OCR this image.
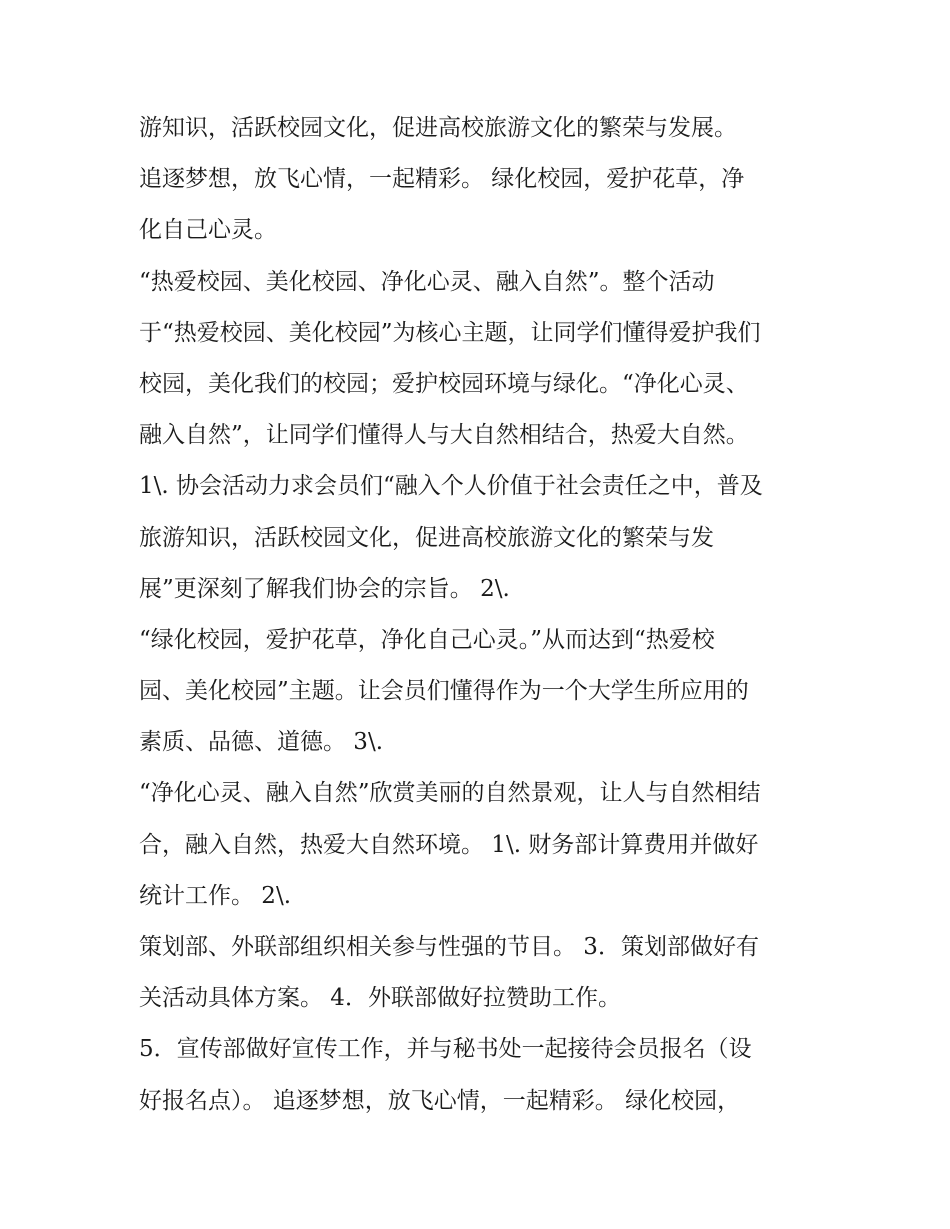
游知识，活跃校园文化，促进高校旅游文化的繁荣与发展。
追逐梦想，放飞心情，一起精彩。 绿化校园，爱护花草，净
化自己心灵。
“热爱校园、美化校园、净化心灵、融入自然”。整个活动
于“热爱校园、美化校园”为核心主题，让同学们懂得爱护我们
校园，美化我们的校园；爱护校园环境与绿化。“净化心灵、
融入自然”，让同学们懂得人与大自然相结合，热爱大自然。
1\. 协会活动力求会员们“融入个人价值于社会责任之中，普及
旅游知识，活跃校园文化，促进高校旅游文化的繁荣与发
展”更深刻了解我们协会的宗旨。 2\.
“绿化校园，爱护花草，净化自己心灵。”从而达到“热爱校
园、美化校园”主题。让会员们懂得作为一个大学生所应用的
素质、品德、道德。 3\.
“净化心灵、融入自然”欣赏美丽的自然景观，让人与自然相结
合，融入自然，热爱大自然环境。 1\. 财务部计算费用并做好
统计工作。 2\.
策划部、外联部组织相关参与性强的节目。 3．策划部做好有
关活动具体方案。 4．外联部做好拉赞助工作。
5．宣传部做好宣传工作，并与秘书处一起接待会员报名（设
好报名点）。 追逐梦想，放飞心情，一起精彩。 绿化校园，
